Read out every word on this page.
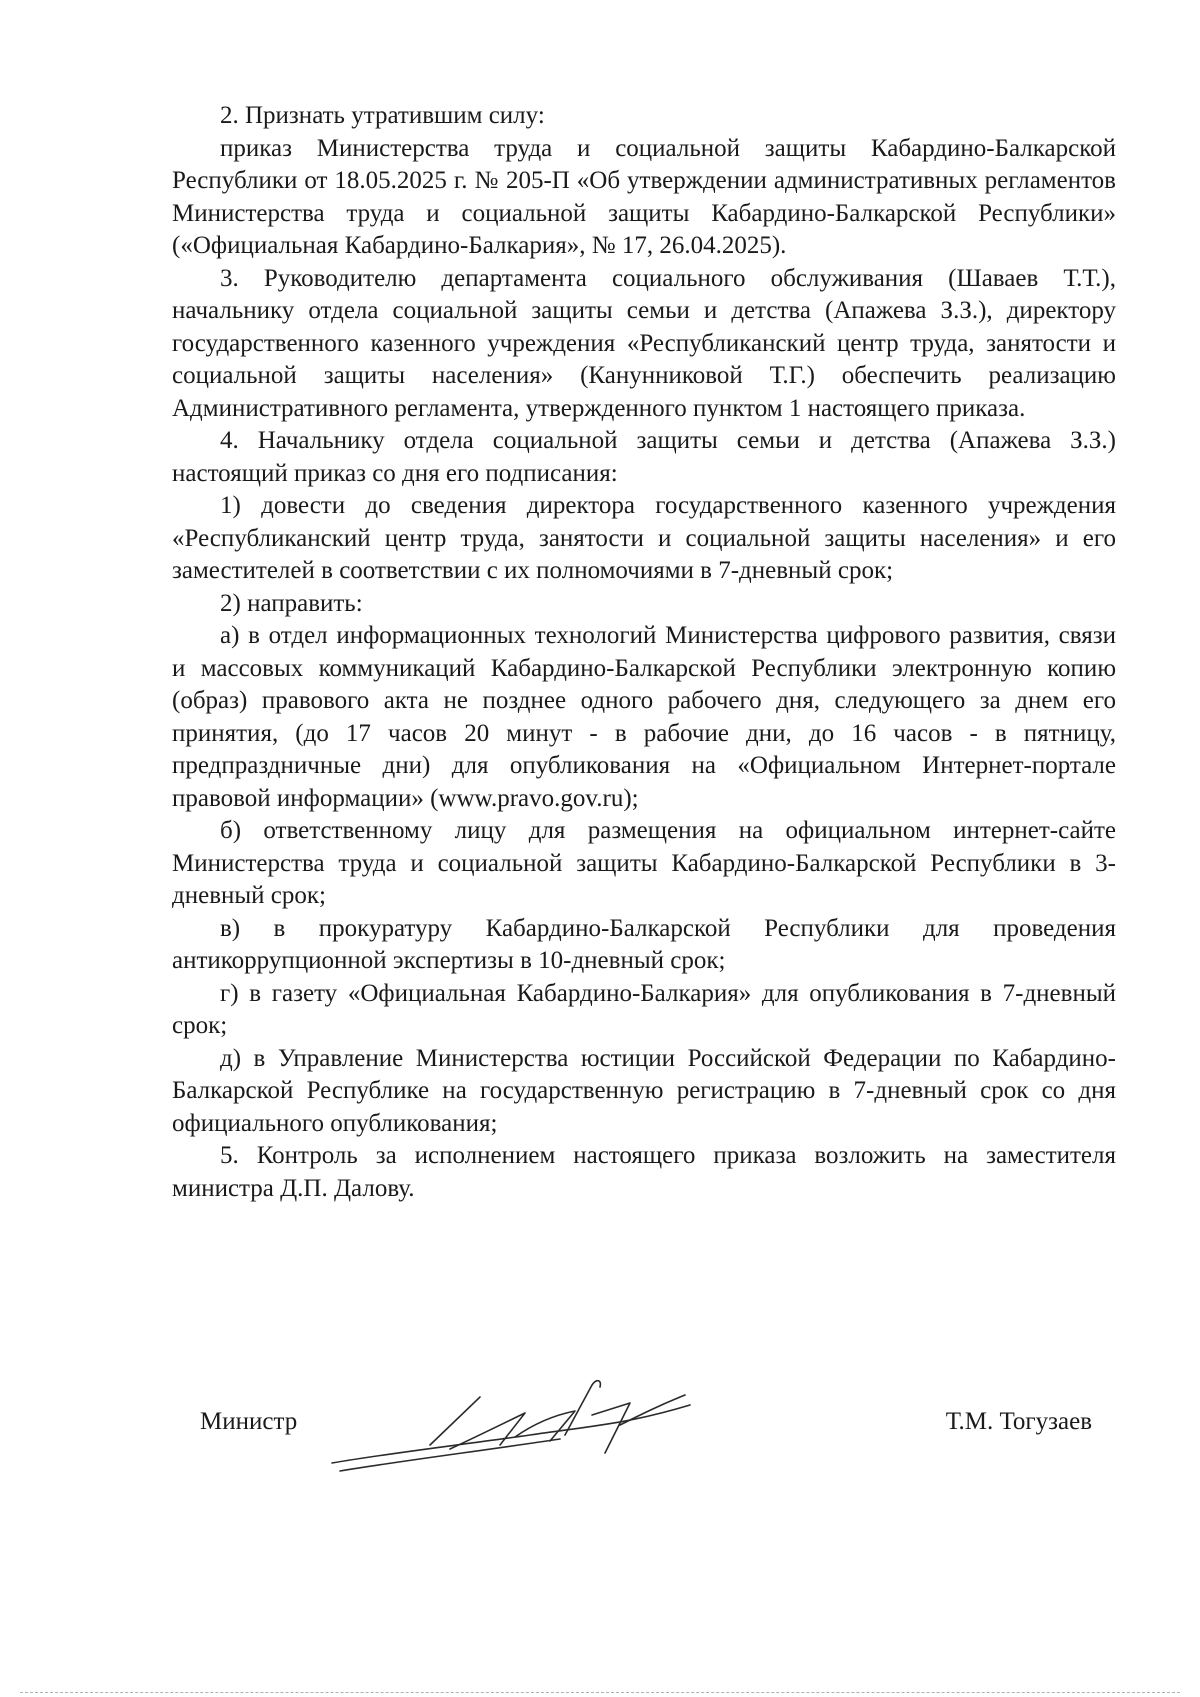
2. Признать утратившим силу:

приказ Министерства труда и социальной защиты Кабардино-Балкарской Республики от 18.05.2025 г. № 205-П «Об утверждении административных регламентов Министерства труда и социальной защиты Кабардино-Балкарской Республики» («Официальная Кабардино-Балкария», № 17, 26.04.2025).

3. Руководителю департамента социального обслуживания (Шаваев Т.Т.), начальнику отдела социальной защиты семьи и детства (Апажева З.З.), директору государственного казенного учреждения «Республиканский центр труда, занятости и социальной защиты населения» (Канунниковой Т.Г.) обеспечить реализацию Административного регламента, утвержденного пунктом 1 настоящего приказа.

4. Начальнику отдела социальной защиты семьи и детства (Апажева З.З.) настоящий приказ со дня его подписания:

1) довести до сведения директора государственного казенного учреждения «Республиканский центр труда, занятости и социальной защиты населения» и его заместителей в соответствии с их полномочиями в 7-дневный срок;

2) направить:

а) в отдел информационных технологий Министерства цифрового развития, связи и массовых коммуникаций Кабардино-Балкарской Республики электронную копию (образ) правового акта не позднее одного рабочего дня, следующего за днем его принятия, (до 17 часов 20 минут - в рабочие дни, до 16 часов - в пятницу, предпраздничные дни) для опубликования на «Официальном Интернет-портале правовой информации» (www.pravo.gov.ru);

б) ответственному лицу для размещения на официальном интернет-сайте Министерства труда и социальной защиты Кабардино-Балкарской Республики в 3-дневный срок;

в) в прокуратуру Кабардино-Балкарской Республики для проведения антикоррупционной экспертизы в 10-дневный срок;

г) в газету «Официальная Кабардино-Балкария» для опубликования в 7-дневный срок;

д) в Управление Министерства юстиции Российской Федерации по Кабардино-Балкарской Республике на государственную регистрацию в 7-дневный срок со дня официального опубликования;

5. Контроль за исполнением настоящего приказа возложить на заместителя министра Д.П. Далову.

Министр	Т.М. Тогузаев
